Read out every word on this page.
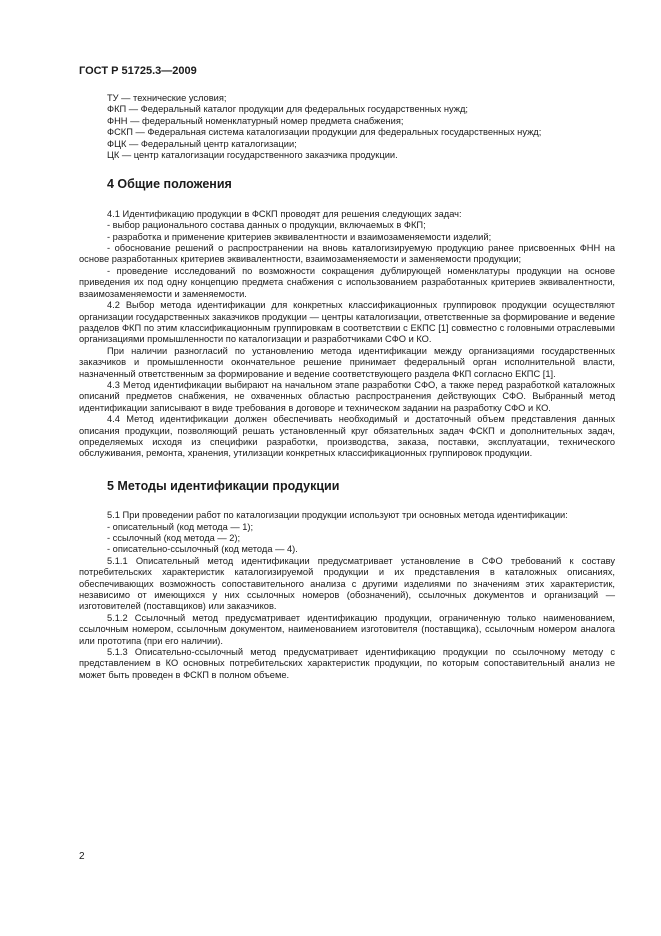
ГОСТ Р 51725.3—2009

ТУ — технические условия;

ФКП — Федеральный каталог продукции для федеральных государственных нужд;

ФНН — федеральный номенклатурный номер предмета снабжения;

ФСКП — Федеральная система каталогизации продукции для федеральных государственных нужд;

ФЦК — Федеральный центр каталогизации;

ЦК — центр каталогизации государственного заказчика продукции.

4 Общие положения

4.1 Идентификацию продукции в ФСКП проводят для решения следующих задач:

- выбор рационального состава данных о продукции, включаемых в ФКП;

- разработка и применение критериев эквивалентности и взаимозаменяемости изделий;

- обоснование решений о распространении на вновь каталогизируемую продукцию ранее присвоенных ФНН на основе разработанных критериев эквивалентности, взаимозаменяемости и заменяемости продукции;

- проведение исследований по возможности сокращения дублирующей номенклатуры продукции на основе приведения их под одну концепцию предмета снабжения с использованием разработанных критериев эквивалентности, взаимозаменяемости и заменяемости.

4.2 Выбор метода идентификации для конкретных классификационных группировок продукции осуществляют организации государственных заказчиков продукции — центры каталогизации, ответственные за формирование и ведение разделов ФКП по этим классификационным группировкам в соответствии с ЕКПС [1] совместно с головными отраслевыми организациями промышленности по каталогизации и разработчиками СФО и КО.

При наличии разногласий по установлению метода идентификации между организациями государственных заказчиков и промышленности окончательное решение принимает федеральный орган исполнительной власти, назначенный ответственным за формирование и ведение соответствующего раздела ФКП согласно ЕКПС [1].

4.3 Метод идентификации выбирают на начальном этапе разработки СФО, а также перед разработкой каталожных описаний предметов снабжения, не охваченных областью распространения действующих СФО. Выбранный метод идентификации записывают в виде требования в договоре и техническом задании на разработку СФО и КО.

4.4 Метод идентификации должен обеспечивать необходимый и достаточный объем представления данных описания продукции, позволяющий решать установленный круг обязательных задач ФСКП и дополнительных задач, определяемых исходя из специфики разработки, производства, заказа, поставки, эксплуатации, технического обслуживания, ремонта, хранения, утилизации конкретных классификационных группировок продукции.

5 Методы идентификации продукции

5.1 При проведении работ по каталогизации продукции используют три основных метода идентификации:

- описательный (код метода — 1);

- ссылочный (код метода — 2);

- описательно-ссылочный (код метода — 4).

5.1.1 Описательный метод идентификации предусматривает установление в СФО требований к составу потребительских характеристик каталогизируемой продукции и их представления в каталожных описаниях, обеспечивающих возможность сопоставительного анализа с другими изделиями по значениям этих характеристик, независимо от имеющихся у них ссылочных номеров (обозначений), ссылочных документов и организаций — изготовителей (поставщиков) или заказчиков.

5.1.2 Ссылочный метод предусматривает идентификацию продукции, ограниченную только наименованием, ссылочным номером, ссылочным документом, наименованием изготовителя (поставщика), ссылочным номером аналога или прототипа (при его наличии).

5.1.3 Описательно-ссылочный метод предусматривает идентификацию продукции по ссылочному методу с представлением в КО основных потребительских характеристик продукции, по которым сопоставительный анализ не может быть проведен в ФСКП в полном объеме.

2
